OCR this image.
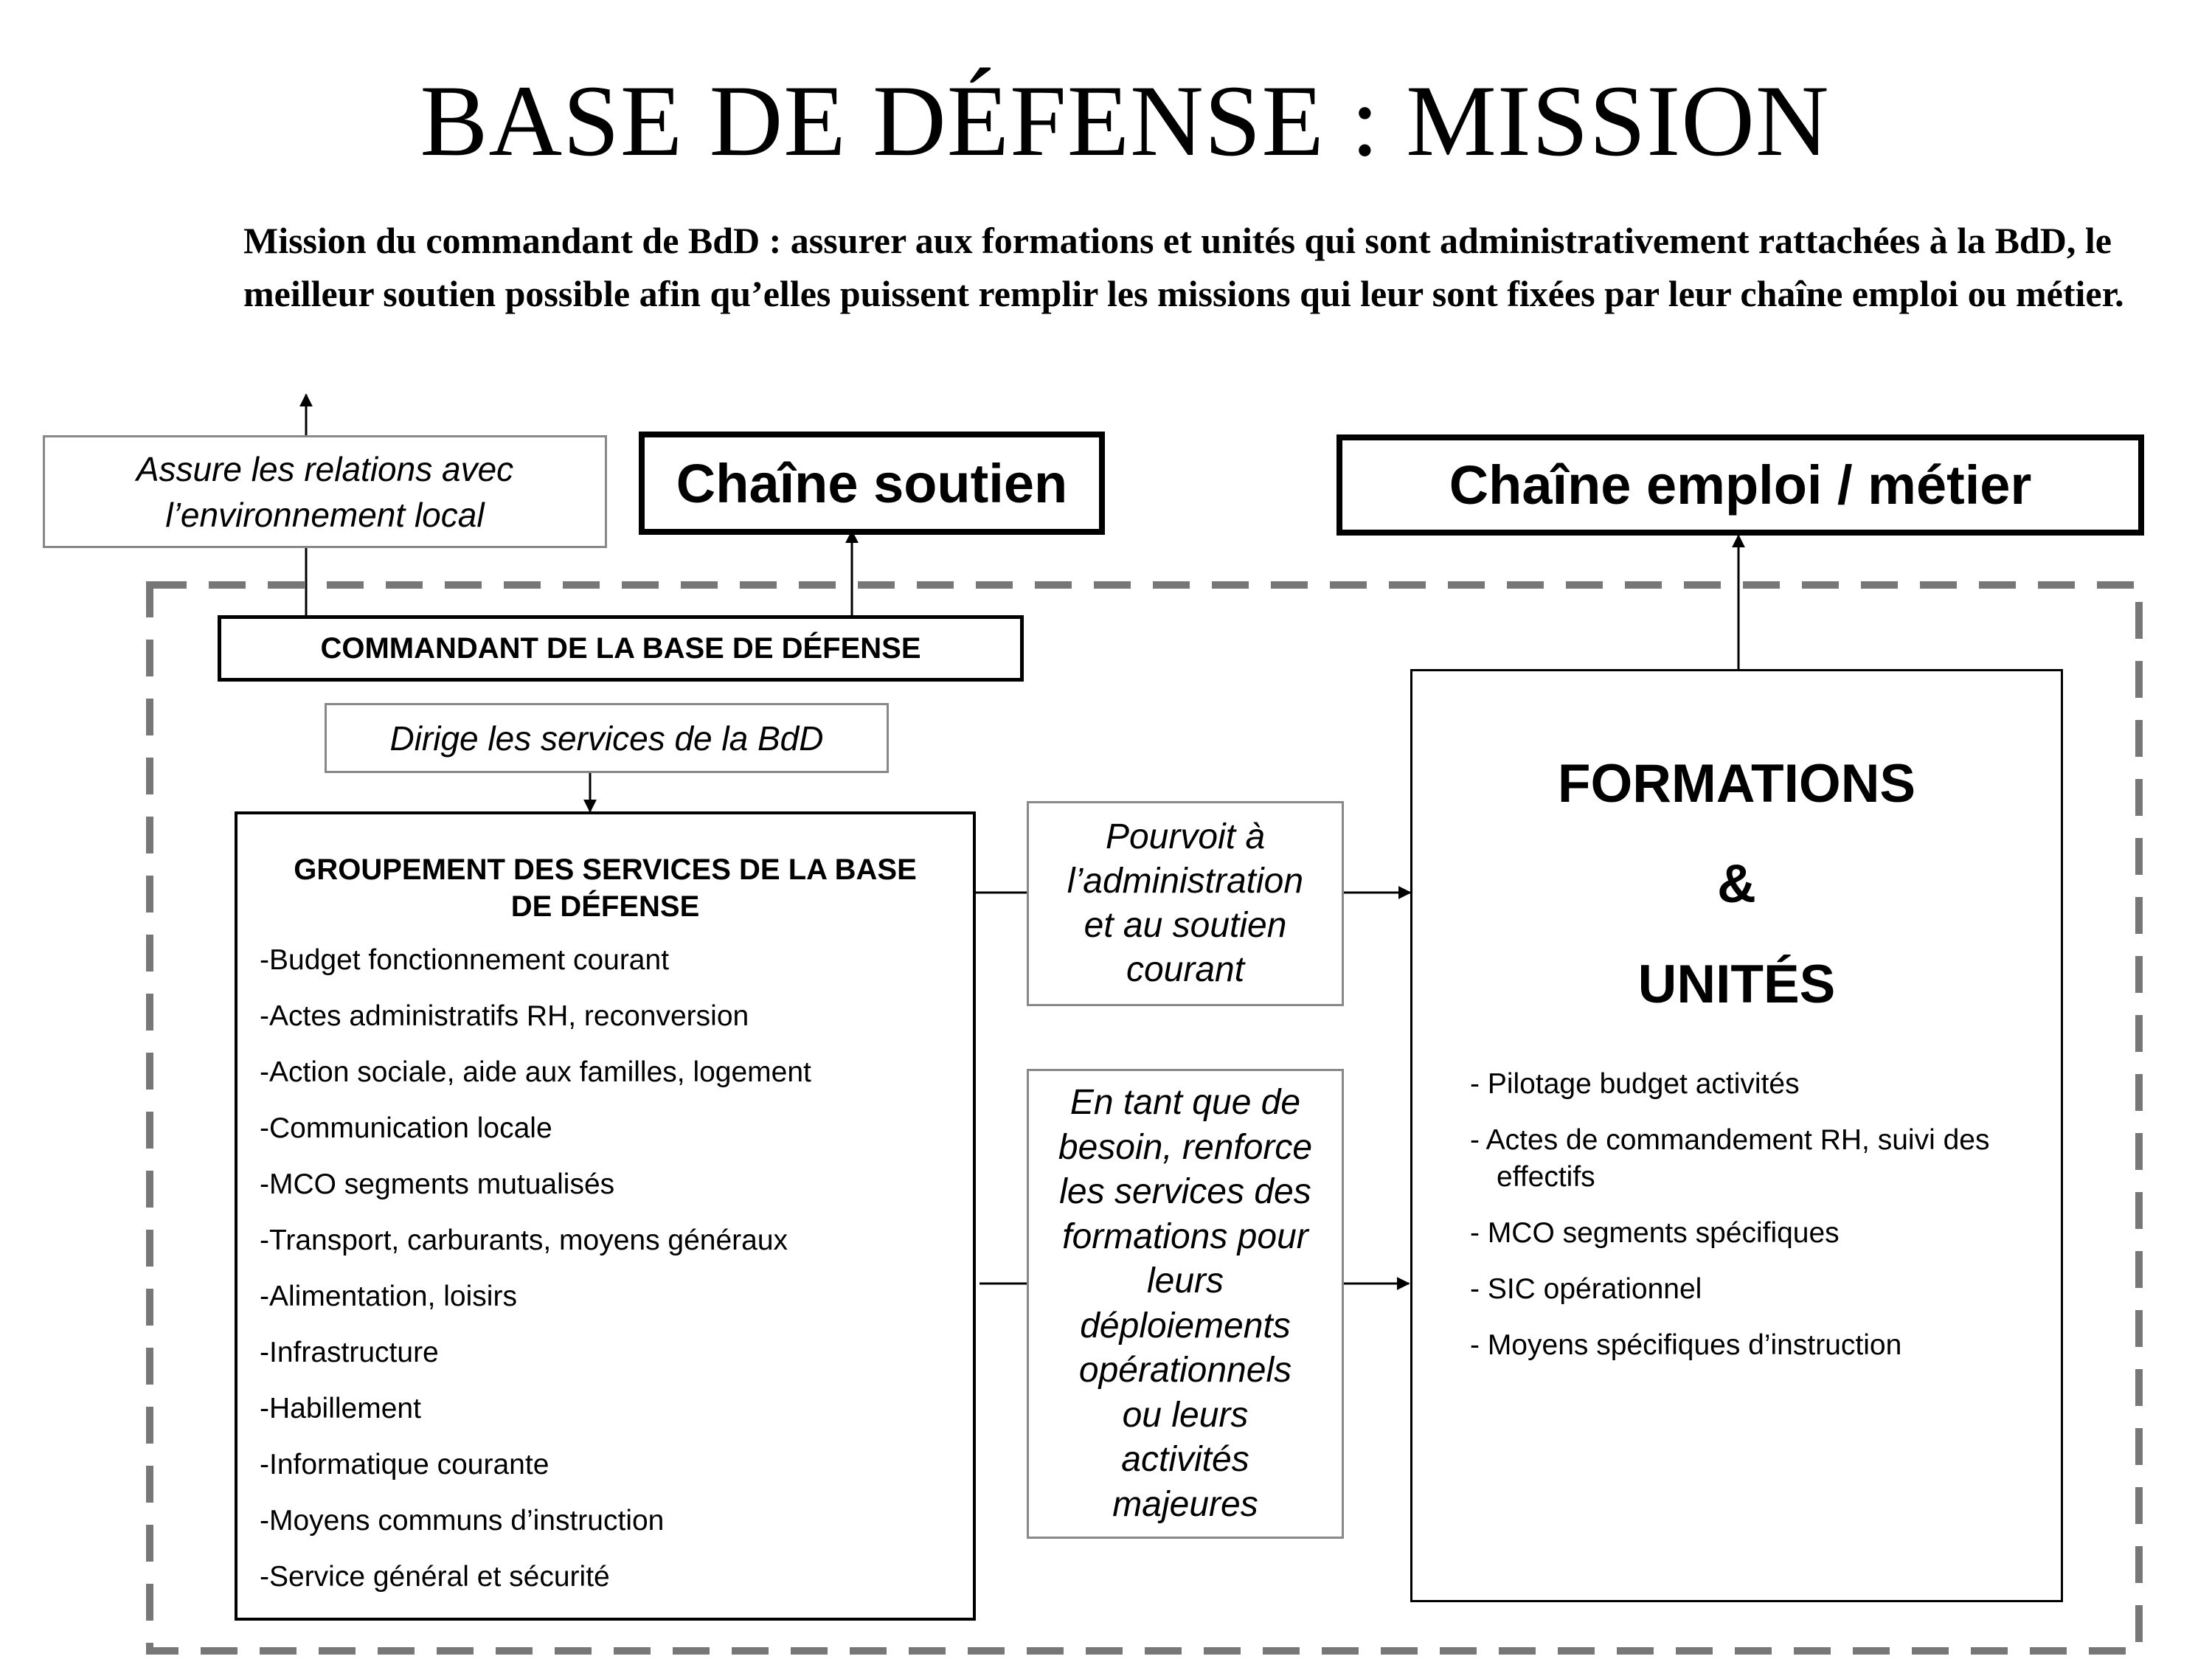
BASE DE DÉFENSE : MISSION
Mission du commandant de BdD : assurer aux formations et unités qui sont administrativement rattachées à la BdD, le meilleur soutien possible afin qu’elles puissent remplir les missions qui leur sont fixées par leur chaîne emploi ou métier.
Assure les relations avec
l’environnement local
Chaîne soutien	Chaîne emploi / métier
COMMANDANT DE LA BASE DE DÉFENSE
Dirige les services de la BdD
GROUPEMENT DES SERVICES DE LA BASE
DE DÉFENSE
-Budget fonctionnement courant
-Actes administratifs RH, reconversion
-Action sociale, aide aux familles, logement
-Communication locale
-MCO segments mutualisés
-Transport, carburants, moyens généraux
-Alimentation, loisirs
-Infrastructure
-Habillement
-Informatique courante
-Moyens communs d’instruction
-Service général et sécurité
Pourvoit à
l’administration
et au soutien
courant
En tant que de
besoin, renforce
les services des
formations pour
leurs
déploiements
opérationnels
ou leurs
activités
majeures
FORMATIONS
&
UNITÉS
- Pilotage budget activités
- Actes de commandement RH, suivi des effectifs
- MCO segments spécifiques
- SIC opérationnel
- Moyens spécifiques d’instruction
